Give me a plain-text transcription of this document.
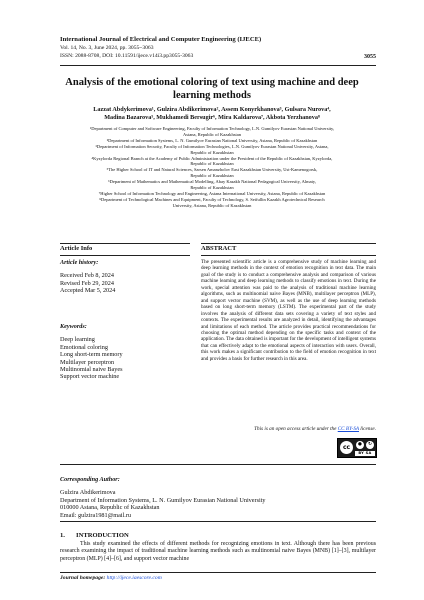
International Journal of Electrical and Computer Engineering (IJECE)
Vol. 14, No. 3, June 2024, pp. 3055~3063
ISSN: 2088-8708, DOI: 10.11591/ijece.v14i3.pp3055-3063	3055
Analysis of the emotional coloring of text using machine and deep learning methods
Lazzat Abdykerimova¹, Gulzira Abdikerimova², Assem Konyrkhanova³, Gulsara Nurova⁴,
Madina Bazarova⁵, Mukhamedi Bersugir⁶, Mira Kaldarova⁷, Akbota Yerzhanova⁸
¹Department of Computer and Software Engineering, Faculty of Information Technology, L.N. Gumilyov Eurasian National University,
Astana, Republic of Kazakhstan
²Department of Information Systems, L. N. Gumilyov Eurasian National University, Astana, Republic of Kazakhstan
³Department of Information Security, Faculty of Information Technologies, L.N. Gumilyov Eurasian National University, Astana,
Republic of Kazakhstan
⁴Kyzylorda Regional Branch at the Academy of Public Administration under the President of the Republic of Kazakhstan, Kyzylorda,
Republic of Kazakhstan
⁵The Higher School of IT and Natural Sciences, Sarsen Amanzholov East Kazakhstan University, Ust-Kamenogorsk,
Republic of Kazakhstan
⁶Department of Mathematics and Mathematical Modelling, Abay Kazakh National Pedagogical University, Almaty,
Republic of Kazakhstan
⁷Higher School of Information Technology and Engineering, Astana International University, Astana, Republic of Kazakhstan
⁸Department of Technological Machines and Equipment, Faculty of Technology, S. Seifullin Kazakh Agrotechnical Research
University, Astana, Republic of Kazakhstan
Article Info	ABSTRACT
Article history:
Received Feb 8, 2024
Revised Feb 29, 2024
Accepted Mar 5, 2024
Keywords:
Deep learning
Emotional coloring
Long short-term memory
Multilayer perceptron
Multinomial naive Bayes
Support vector machine
The presented scientific article is a comprehensive study of machine learning and deep learning methods in the context of emotion recognition in text data. The main goal of the study is to conduct a comprehensive analysis and comparison of various machine learning and deep learning methods to classify emotions in text. During the work, special attention was paid to the analysis of traditional machine learning algorithms, such as multinomial naive Bayes (MNB), multilayer perceptron (MLP), and support vector machine (SVM), as well as the use of deep learning methods based on long short-term memory (LSTM). The experimental part of the study involves the analysis of different data sets covering a variety of text styles and contexts. The experimental results are analyzed in detail, identifying the advantages and limitations of each method. The article provides practical recommendations for choosing the optimal method depending on the specific tasks and context of the application. The data obtained is important for the development of intelligent systems that can effectively adapt to the emotional aspects of interaction with users. Overall, this work makes a significant contribution to the field of emotion recognition in text and provides a basis for further research in this area.
This is an open access article under the CC BY-SA license.
cc	●	↻
BY SA
Corresponding Author:
Gulzira Abdikerimova
Department of Information Systems, L. N. Gumilyov Eurasian National University
010000 Astana, Republic of Kazakhstan
Email: gulzira1981@mail.ru
1. INTRODUCTION
This study examined the effects of different methods for recognizing emotions in text. Although there has been previous research examining the impact of traditional machine learning methods such as multinomial naive Bayes (MNB) [1]–[3], multilayer perceptron (MLP) [4]–[6], and support vector machine
Journal homepage: http://ijece.iaescore.com
